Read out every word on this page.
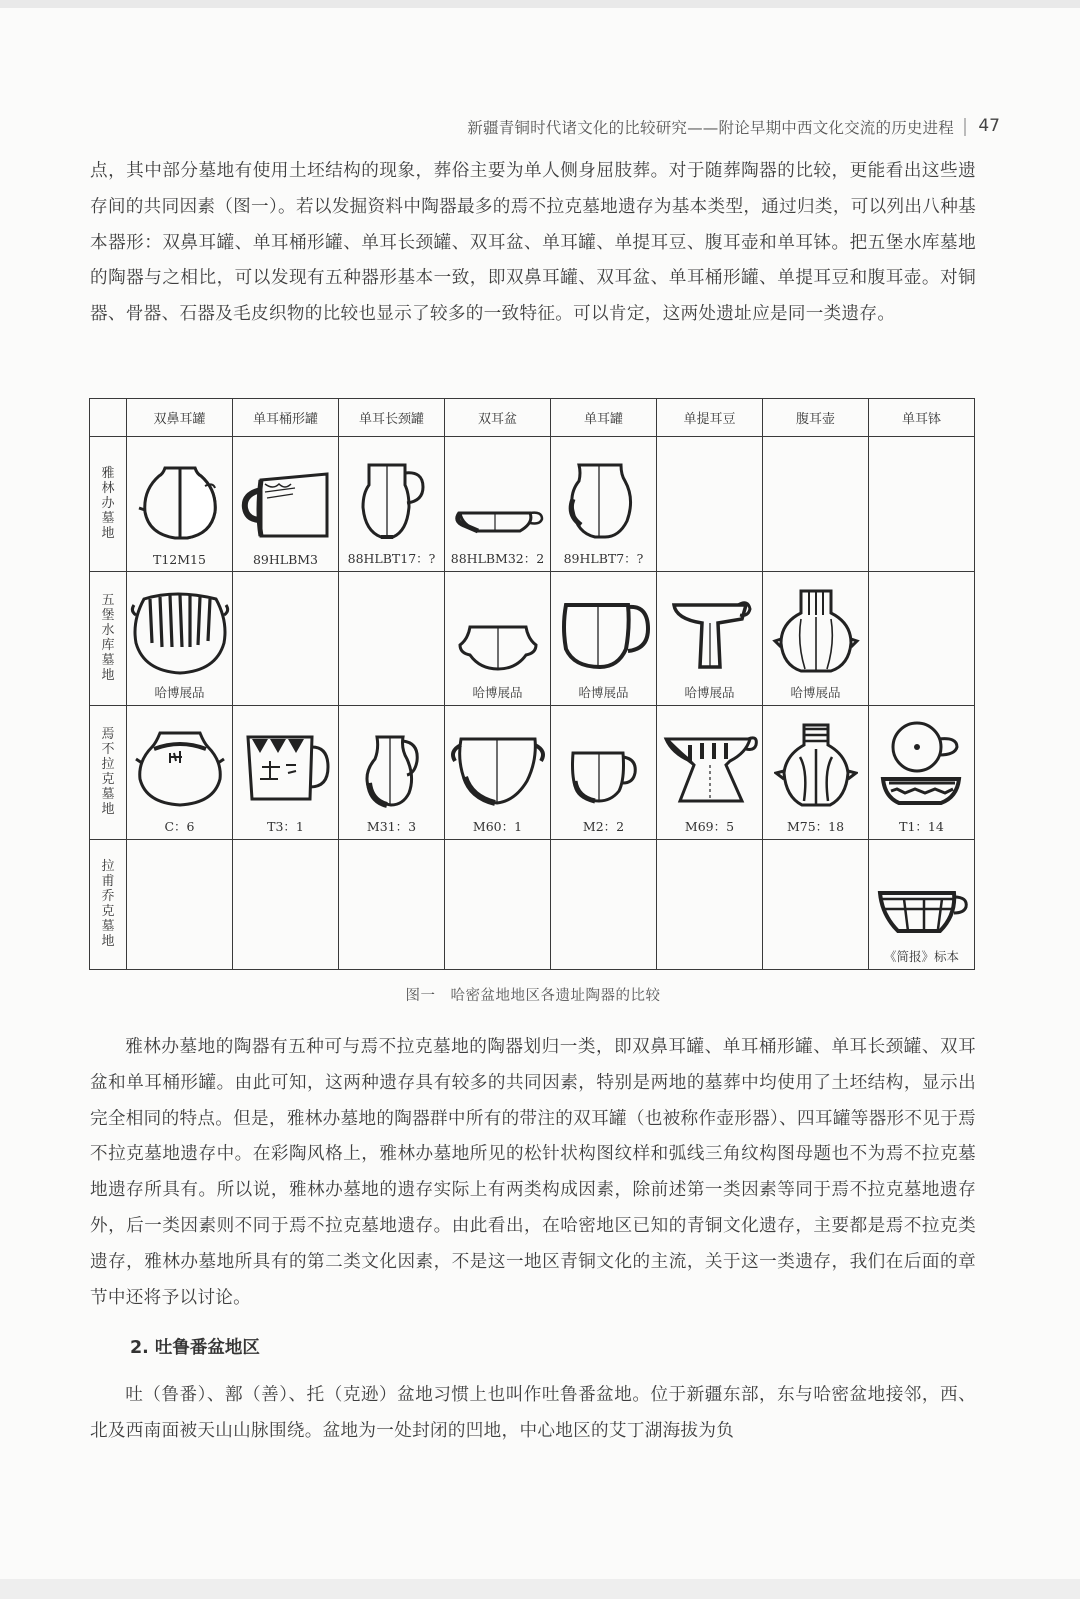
新疆青铜时代诸文化的比较研究——附论早期中西文化交流的历史进程 47

点，其中部分墓地有使用土坯结构的现象，葬俗主要为单人侧身屈肢葬。对于随葬陶器的比较，更能看出这些遗存间的共同因素（图一）。若以发掘资料中陶器最多的焉不拉克墓地遗存为基本类型，通过归类，可以列出八种基本器形：双鼻耳罐、单耳桶形罐、单耳长颈罐、双耳盆、单耳罐、单提耳豆、腹耳壶和单耳钵。把五堡水库墓地的陶器与之相比，可以发现有五种器形基本一致，即双鼻耳罐、双耳盆、单耳桶形罐、单提耳豆和腹耳壶。对铜器、骨器、石器及毛皮织物的比较也显示了较多的一致特征。可以肯定，这两处遗址应是同一类遗存。

	双鼻耳罐	单耳桶形罐	单耳长颈罐	双耳盆	单耳罐	单提耳豆	腹耳壶	单耳钵
雅林办墓地	T12M15	89HLBM3	88HLBT17：?	88HLBM32：2	89HLBT7：?			

五堡水库墓地	哈博展品			哈博展品	哈博展品	哈博展品	哈博展品	

焉不拉克墓地	C：6	T3：1	M31：3	M60：1	M2：2	M69：5	M75：18	T1：14

拉甫乔克墓地								《简报》标本
图一　哈密盆地地区各遗址陶器的比较

雅林办墓地的陶器有五种可与焉不拉克墓地的陶器划归一类，即双鼻耳罐、单耳桶形罐、单耳长颈罐、双耳盆和单耳桶形罐。由此可知，这两种遗存具有较多的共同因素，特别是两地的墓葬中均使用了土坯结构，显示出完全相同的特点。但是，雅林办墓地的陶器群中所有的带注的双耳罐（也被称作壶形器）、四耳罐等器形不见于焉不拉克墓地遗存中。在彩陶风格上，雅林办墓地所见的松针状构图纹样和弧线三角纹构图母题也不为焉不拉克墓地遗存所具有。所以说，雅林办墓地的遗存实际上有两类构成因素，除前述第一类因素等同于焉不拉克墓地遗存外，后一类因素则不同于焉不拉克墓地遗存。由此看出，在哈密地区已知的青铜文化遗存，主要都是焉不拉克类遗存，雅林办墓地所具有的第二类文化因素，不是这一地区青铜文化的主流，关于这一类遗存，我们在后面的章节中还将予以讨论。

2. 吐鲁番盆地区

吐（鲁番）、鄯（善）、托（克逊）盆地习惯上也叫作吐鲁番盆地。位于新疆东部，东与哈密盆地接邻，西、北及西南面被天山山脉围绕。盆地为一处封闭的凹地，中心地区的艾丁湖海拔为负
